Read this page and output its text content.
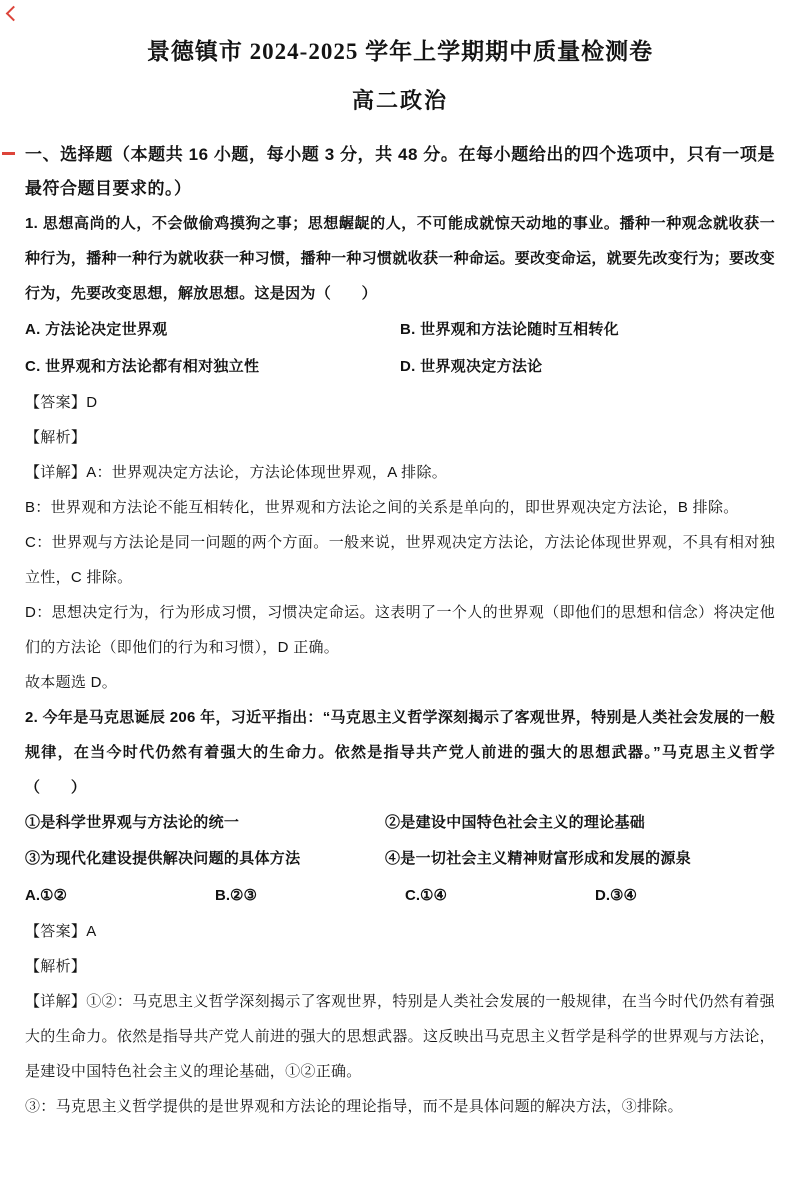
景德镇市 2024-2025 学年上学期期中质量检测卷
高二政治
一、选择题（本题共 16 小题，每小题 3 分，共 48 分。在每小题给出的四个选项中，只有一项是最符合题目要求的。）
1. 思想高尚的人，不会做偷鸡摸狗之事；思想龌龊的人，不可能成就惊天动地的事业。播种一种观念就收获一种行为，播种一种行为就收获一种习惯，播种一种习惯就收获一种命运。要改变命运，就要先改变行为；要改变行为，先要改变思想，解放思想。这是因为（　　）
A. 方法论决定世界观	B. 世界观和方法论随时互相转化
C. 世界观和方法论都有相对独立性	D. 世界观决定方法论
【答案】D
【解析】
【详解】A：世界观决定方法论，方法论体现世界观，A 排除。
B：世界观和方法论不能互相转化，世界观和方法论之间的关系是单向的，即世界观决定方法论，B 排除。
C：世界观与方法论是同一问题的两个方面。一般来说，世界观决定方法论，方法论体现世界观，不具有相对独立性，C 排除。
D：思想决定行为，行为形成习惯，习惯决定命运。这表明了一个人的世界观（即他们的思想和信念）将决定他们的方法论（即他们的行为和习惯），D 正确。
故本题选 D。
2. 今年是马克思诞辰 206 年，习近平指出：“马克思主义哲学深刻揭示了客观世界，特别是人类社会发展的一般规律，在当今时代仍然有着强大的生命力。依然是指导共产党人前进的强大的思想武器。”马克思主义哲学（　　）
①是科学世界观与方法论的统一	②是建设中国特色社会主义的理论基础
③为现代化建设提供解决问题的具体方法	④是一切社会主义精神财富形成和发展的源泉
A.①②	B.②③	C.①④	D.③④
【答案】A
【解析】
【详解】①②：马克思主义哲学深刻揭示了客观世界，特别是人类社会发展的一般规律，在当今时代仍然有着强大的生命力。依然是指导共产党人前进的强大的思想武器。这反映出马克思主义哲学是科学的世界观与方法论，是建设中国特色社会主义的理论基础，①②正确。
③：马克思主义哲学提供的是世界观和方法论的理论指导，而不是具体问题的解决方法，③排除。
